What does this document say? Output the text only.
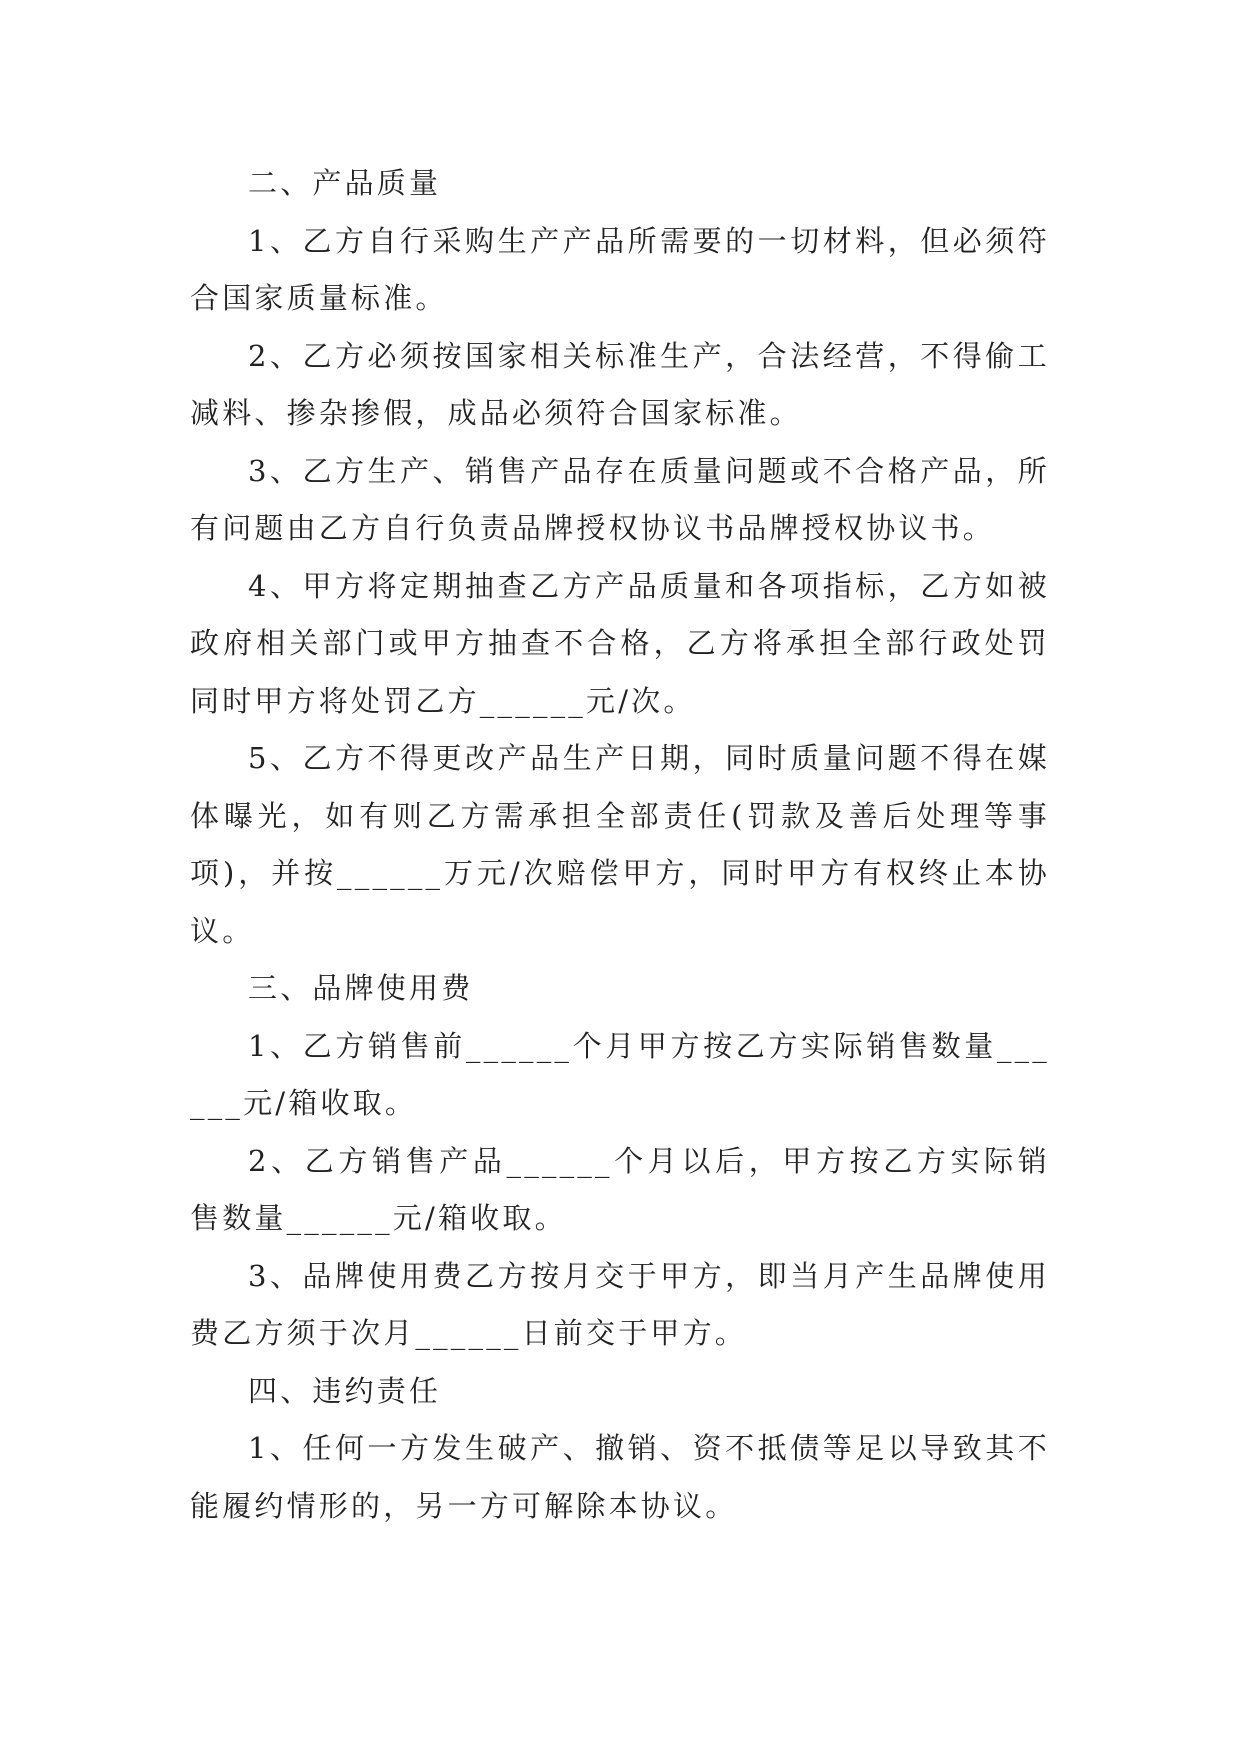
二、产品质量

1、乙方自行采购生产产品所需要的一切材料，但必须符合国家质量标准。

2、乙方必须按国家相关标准生产，合法经营，不得偷工减料、掺杂掺假，成品必须符合国家标准。

3、乙方生产、销售产品存在质量问题或不合格产品，所有问题由乙方自行负责品牌授权协议书品牌授权协议书。

4、甲方将定期抽查乙方产品质量和各项指标，乙方如被政府相关部门或甲方抽查不合格，乙方将承担全部行政处罚同时甲方将处罚乙方______元/次。

5、乙方不得更改产品生产日期，同时质量问题不得在媒体曝光，如有则乙方需承担全部责任(罚款及善后处理等事项)，并按______万元/次赔偿甲方，同时甲方有权终止本协议。

三、品牌使用费

1、乙方销售前______个月甲方按乙方实际销售数量______元/箱收取。

2、乙方销售产品______个月以后，甲方按乙方实际销售数量______元/箱收取。

3、品牌使用费乙方按月交于甲方，即当月产生品牌使用费乙方须于次月______日前交于甲方。

四、违约责任

1、任何一方发生破产、撤销、资不抵债等足以导致其不能履约情形的，另一方可解除本协议。
